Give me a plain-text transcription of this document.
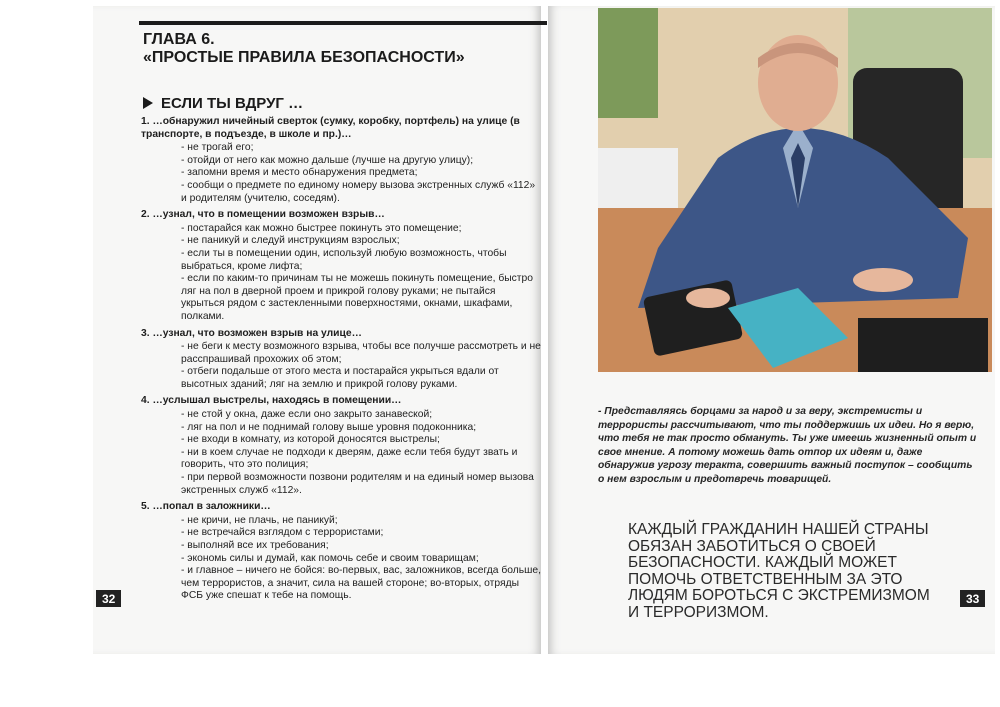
ГЛАВА 6.
«ПРОСТЫЕ ПРАВИЛА БЕЗОПАСНОСТИ»
ЕСЛИ ТЫ ВДРУГ …
1. …обнаружил ничейный сверток (сумку, коробку, портфель) на улице (в транспорте, в подъезде, в школе и пр.)…
- не трогай его;
- отойди от него как можно дальше (лучше на другую улицу);
- запомни время и место обнаружения предмета;
- сообщи о предмете по единому номеру вызова экстренных служб «112» и родителям (учителю, соседям).
2. …узнал, что в помещении возможен взрыв…
- постарайся как можно быстрее покинуть это помещение;
- не паникуй и следуй инструкциям взрослых;
- если ты в помещении один, используй любую возможность, чтобы выбраться, кроме лифта;
- если по каким-то причинам ты не можешь покинуть помещение, быстро ляг на пол в дверной проем и прикрой голову руками; не пытайся укрыться рядом с застекленными поверхностями, окнами, шкафами, полками.
3. …узнал, что возможен взрыв на улице…
- не беги к месту возможного взрыва, чтобы все получше рассмотреть и не расспрашивай прохожих об этом;
- отбеги подальше от этого места и постарайся укрыться вдали от высотных зданий; ляг на землю и прикрой голову руками.
4. …услышал выстрелы, находясь в помещении…
- не стой у окна, даже если оно закрыто занавеской;
- ляг на пол и не поднимай голову выше уровня подоконника;
- не входи в комнату, из которой доносятся выстрелы;
- ни в коем случае не подходи к дверям, даже если тебя будут звать и говорить, что это полиция;
- при первой возможности позвони родителям и на единый номер вызова экстренных служб «112».
5. …попал в заложники…
- не кричи, не плачь, не паникуй;
- не встречайся взглядом с террористами;
- выполняй все их требования;
- экономь силы и думай, как помочь себе и своим товарищам;
- и главное – ничего не бойся: во-первых, вас, заложников, всегда больше, чем террористов, а значит, сила на вашей стороне; во-вторых, отряды ФСБ уже спешат к тебе на помощь.
32
- Представляясь борцами за народ и за веру, экстремисты и террористы рассчитывают, что ты поддержишь их идеи. Но я верю, что тебя не так просто обмануть. Ты уже имеешь жизненный опыт и свое мнение. А потому можешь дать отпор их идеям и, даже обнаружив угрозу теракта, совершить важный поступок – сообщить о нем взрослым и предотвречь товарищей.
КАЖДЫЙ ГРАЖДАНИН НАШЕЙ СТРАНЫ ОБЯЗАН ЗАБОТИТЬСЯ О СВОЕЙ БЕЗОПАСНОСТИ. КАЖДЫЙ МОЖЕТ ПОМОЧЬ ОТВЕТСТВЕННЫМ ЗА ЭТО ЛЮДЯМ БОРОТЬСЯ С ЭКСТРЕМИЗМОМ И ТЕРРОРИЗМОМ.
33
